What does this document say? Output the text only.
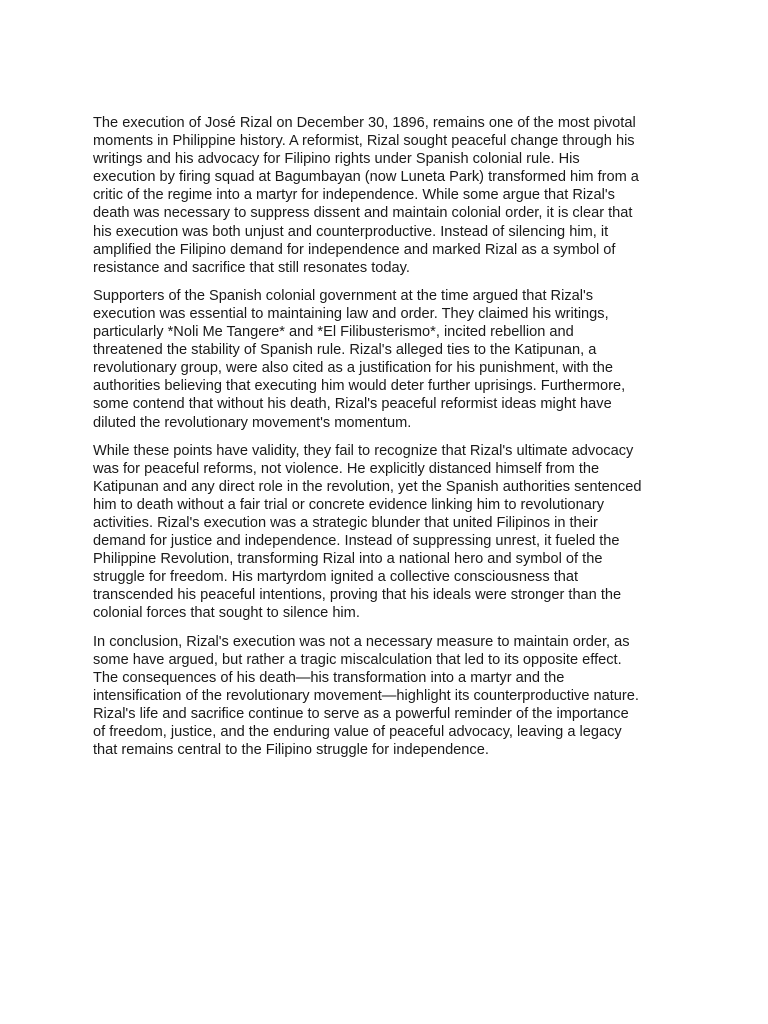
The execution of José Rizal on December 30, 1896, remains one of the most pivotal
moments in Philippine history. A reformist, Rizal sought peaceful change through his
writings and his advocacy for Filipino rights under Spanish colonial rule. His
execution by firing squad at Bagumbayan (now Luneta Park) transformed him from a
critic of the regime into a martyr for independence. While some argue that Rizal's
death was necessary to suppress dissent and maintain colonial order, it is clear that
his execution was both unjust and counterproductive. Instead of silencing him, it
amplified the Filipino demand for independence and marked Rizal as a symbol of
resistance and sacrifice that still resonates today.

Supporters of the Spanish colonial government at the time argued that Rizal's
execution was essential to maintaining law and order. They claimed his writings,
particularly *Noli Me Tangere* and *El Filibusterismo*, incited rebellion and
threatened the stability of Spanish rule. Rizal's alleged ties to the Katipunan, a
revolutionary group, were also cited as a justification for his punishment, with the
authorities believing that executing him would deter further uprisings. Furthermore,
some contend that without his death, Rizal's peaceful reformist ideas might have
diluted the revolutionary movement's momentum.

While these points have validity, they fail to recognize that Rizal's ultimate advocacy
was for peaceful reforms, not violence. He explicitly distanced himself from the
Katipunan and any direct role in the revolution, yet the Spanish authorities sentenced
him to death without a fair trial or concrete evidence linking him to revolutionary
activities. Rizal's execution was a strategic blunder that united Filipinos in their
demand for justice and independence. Instead of suppressing unrest, it fueled the
Philippine Revolution, transforming Rizal into a national hero and symbol of the
struggle for freedom. His martyrdom ignited a collective consciousness that
transcended his peaceful intentions, proving that his ideals were stronger than the
colonial forces that sought to silence him.

In conclusion, Rizal's execution was not a necessary measure to maintain order, as
some have argued, but rather a tragic miscalculation that led to its opposite effect.
The consequences of his death—his transformation into a martyr and the
intensification of the revolutionary movement—highlight its counterproductive nature.
Rizal's life and sacrifice continue to serve as a powerful reminder of the importance
of freedom, justice, and the enduring value of peaceful advocacy, leaving a legacy
that remains central to the Filipino struggle for independence.
